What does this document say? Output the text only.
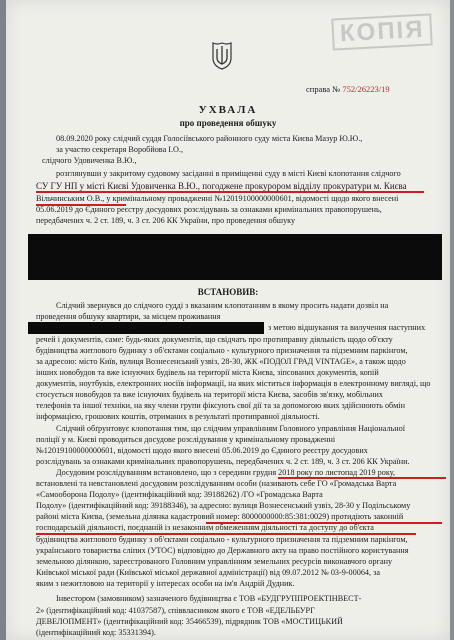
КОПІЯ
справа № 752/26223/19
УХВАЛА
про проведення обшуку
08.09.2020 року слідчий суддя Голосіївського районного суду міста Києва Мазур Ю.Ю.,
за участю секретаря Воробйова І.О.,
слідчого Удовиченка В.Ю.,
розглянувши у закритому судовому засіданні в приміщенні суду в місті Києві клопотання слідчого
СУ ГУ НП у місті Києві Удовиченка В.Ю., погоджене прокурором відділу прокуратури м. Києва
Вільчинським О.В., у кримінальному провадженні №12019100000000601, відомості щодо якого внесені
05.06.2019 до Єдиного реєстру досудових розслідувань за ознаками кримінальних правопорушень,
передбачених ч. 2 ст. 189, ч. 3 ст. 206 КК України, про проведення обшуку
ВСТАНОВИВ:
Слідчий звернувся до слідчого судді з вказаним клопотанням в якому просить надати дозвіл на
проведення обшуку квартири, за місцем проживання
з метою відшукання та вилучення наступних
речей і документів, саме: будь-яких документів, що свідчать про протиправну діяльність щодо об'єкту
будівництва житлового будинку з об'єктами соціально - культурного призначення та підземним паркінгом,
за адресою: місто Київ, вулиця Вознесенський узвіз, 28-30, ЖК «ПОДОЛ ГРАД VINTAGE», а також щодо
інших новобудов та вже існуючих будівель на території міста Києва, зіпсованих документів, копій
документів, ноутбуків, електронних носіїв інформації, на яких міститься інформація в електронному вигляді, що
стосується новобудов та вже існуючих будівель на території міста Києва, засобів зв'язку, мобільних
телефонів та іншої техніки, на яку члени групи фіксують свої дії та за допомогою яких здійснюють обмін
інформацією, грошових коштів, отриманих в результаті протиправної діяльності.
Слідчий обґрунтовує клопотання тим, що слідчим управлінням Головного управління Національної
поліції у м. Києві проводиться досудове розслідування у кримінальному провадженні
№12019100000000601, відомості щодо якого внесені 05.06.2019 до Єдиного реєстру досудових
розслідувань за ознаками кримінальних правопорушень, передбачених ч. 2 ст. 189, ч. 3 ст. 206 КК України.
Досудовим розслідуванням встановлено, що з середини грудня 2018 року по листопад 2019 року,
встановлені та невстановлені досудовим розслідуванням особи (називають себе ГО «Громадська Варта
«Самооборона Подолу» (ідентифікаційний код: 39188262) /ГО «Громадська Варта
Подолу» (ідентифікаційний код: 39188346), за адресою: вулиця Вознесенський узвіз, 28-30 у Подільському
районі міста Києва, (земельна ділянка кадастровий номер: 8000000000:85:381:0029) протидіють законній
господарській діяльності, поєднаній із незаконним обмеженням діяльності та доступу до об'єкта
будівництва житлового будинку з об'єктами соціально - культурного призначення та підземним паркінгом,
українського товариства сліпих (УТОС) відповідно до Державного акту на право постійного користування
земельною ділянкою, зареєстрованого Головним управлінням земельних ресурсів виконавчого органу
Київської міської ради (Київської міської державної адміністрації) від 09.07.2012 № 03-9-00064, за
яким з нежитловою на території у інтересах особи на ім'я Андрій Дудник.
Інвестором (замовником) зазначеного будівництва є ТОВ «БУДГРУППРОЕКТІНВЕСТ-
2» (ідентифікаційний код: 41037587), співвласником якого є ТОВ «ЕДЕЛЬБУРГ
ДЕВЕЛОПМЕНТ» (ідентифікаційний код: 35466539), підрядник ТОВ «МОСТИЦЬКИЙ
(ідентифікаційний код: 35331394).
